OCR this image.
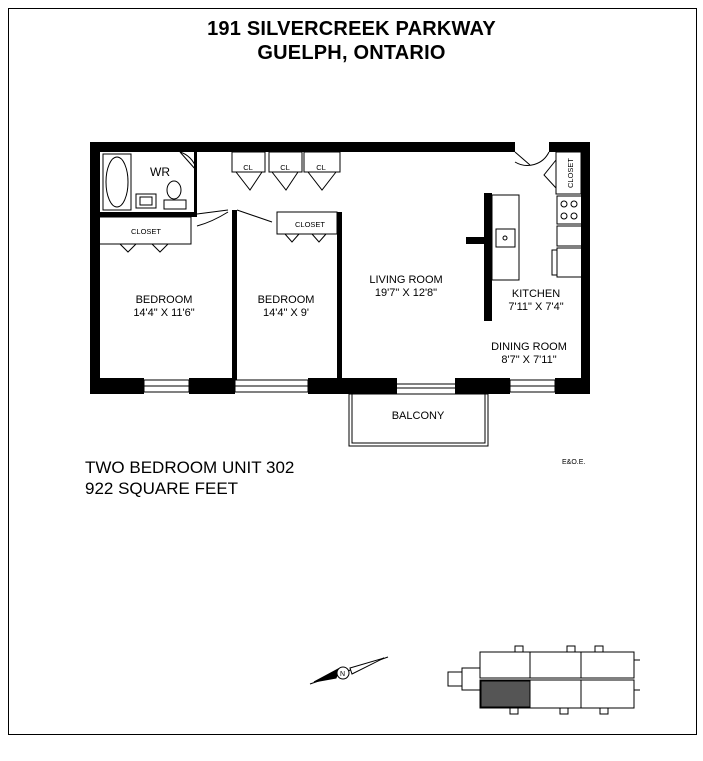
191 SILVERCREEK PARKWAY
GUELPH, ONTARIO
WR
CLOSET
CL	CL	CL
CLOSET
CLOSET
BEDROOM
14'4" X 11'6"
BEDROOM
14'4" X 9'
LIVING ROOM
19'7" X 12'8"	KITCHEN
7'11" X 7'4"
DINING ROOM
8'7" X 7'11"
BALCONY
N
TWO BEDROOM UNIT 302
922 SQUARE FEET
E&O.E.
